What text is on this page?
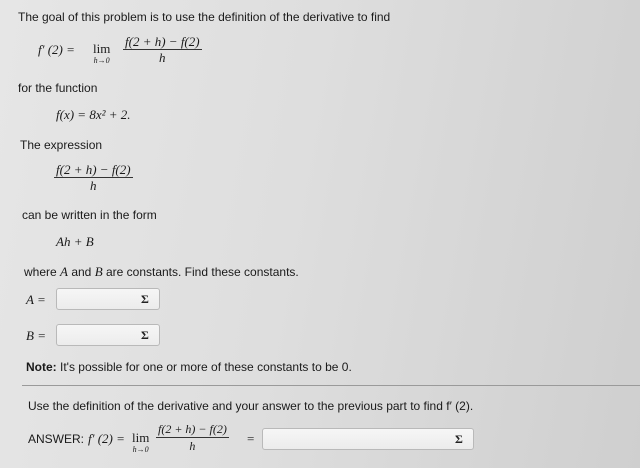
The goal of this problem is to use the definition of the derivative to find
f′ (2) = lim
$h\to 0 \frac{f(2 + h) - f(2)}{h}$
for the function
f(x) = 8x² + 2.
The expression
$\frac{f(2 + h) - f(2)}{h}$
can be written in the form
Ah + B
where A and B are constants. Find these constants.
A =	Σ
B =	Σ
Note: It's possible for one or more of these constants to be 0.
Use the definition of the derivative and your answer to the previous part to find f′ (2).
ANSWER: f′ (2) = lim
$h\to 0 \frac{f(2 + h) - f(2)}{h}$ =	Σ
